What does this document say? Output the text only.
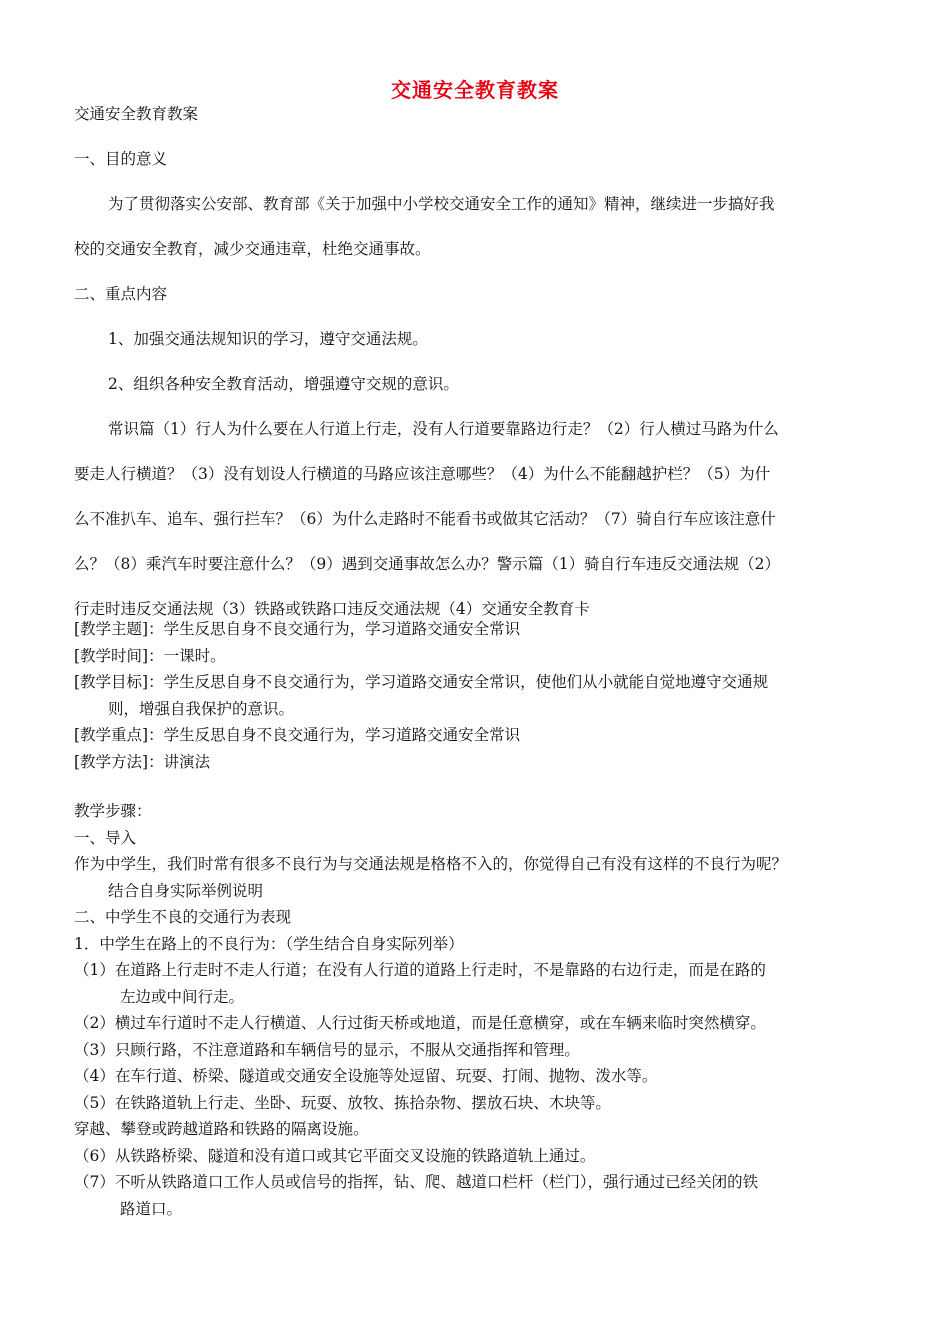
交通安全教育教案
交通安全教育教案
一、目的意义
为了贯彻落实公安部、教育部《关于加强中小学校交通安全工作的通知》精神，继续进一步搞好我
校的交通安全教育，减少交通违章，杜绝交通事故。
二、重点内容
1、加强交通法规知识的学习，遵守交通法规。
2、组织各种安全教育活动，增强遵守交规的意识。
常识篇（1）行人为什么要在人行道上行走，没有人行道要靠路边行走？（2）行人横过马路为什么
要走人行横道？（3）没有划设人行横道的马路应该注意哪些？（4）为什么不能翻越护栏？（5）为什
么不准扒车、追车、强行拦车？（6）为什么走路时不能看书或做其它活动？（7）骑自行车应该注意什
么？（8）乘汽车时要注意什么？（9）遇到交通事故怎么办？警示篇（1）骑自行车违反交通法规（2）
行走时违反交通法规（3）铁路或铁路口违反交通法规（4）交通安全教育卡
[教学主题]：学生反思自身不良交通行为，学习道路交通安全常识
[教学时间]：一课时。
[教学目标]：学生反思自身不良交通行为，学习道路交通安全常识，使他们从小就能自觉地遵守交通规
则，增强自我保护的意识。
[教学重点]：学生反思自身不良交通行为，学习道路交通安全常识
[教学方法]：讲演法
教学步骤：
一、导入
作为中学生，我们时常有很多不良行为与交通法规是格格不入的，你觉得自己有没有这样的不良行为呢？
结合自身实际举例说明
二、中学生不良的交通行为表现
1．中学生在路上的不良行为：（学生结合自身实际列举）
（1）在道路上行走时不走人行道；在没有人行道的道路上行走时，不是靠路的右边行走，而是在路的
左边或中间行走。
（2）横过车行道时不走人行横道、人行过街天桥或地道，而是任意横穿，或在车辆来临时突然横穿。
（3）只顾行路，不注意道路和车辆信号的显示，不服从交通指挥和管理。
（4）在车行道、桥梁、隧道或交通安全设施等处逗留、玩耍、打闹、抛物、泼水等。
（5）在铁路道轨上行走、坐卧、玩耍、放牧、拣拾杂物、摆放石块、木块等。
穿越、攀登或跨越道路和铁路的隔离设施。
（6）从铁路桥梁、隧道和没有道口或其它平面交叉设施的铁路道轨上通过。
（7）不听从铁路道口工作人员或信号的指挥，钻、爬、越道口栏杆（栏门），强行通过已经关闭的铁
路道口。
